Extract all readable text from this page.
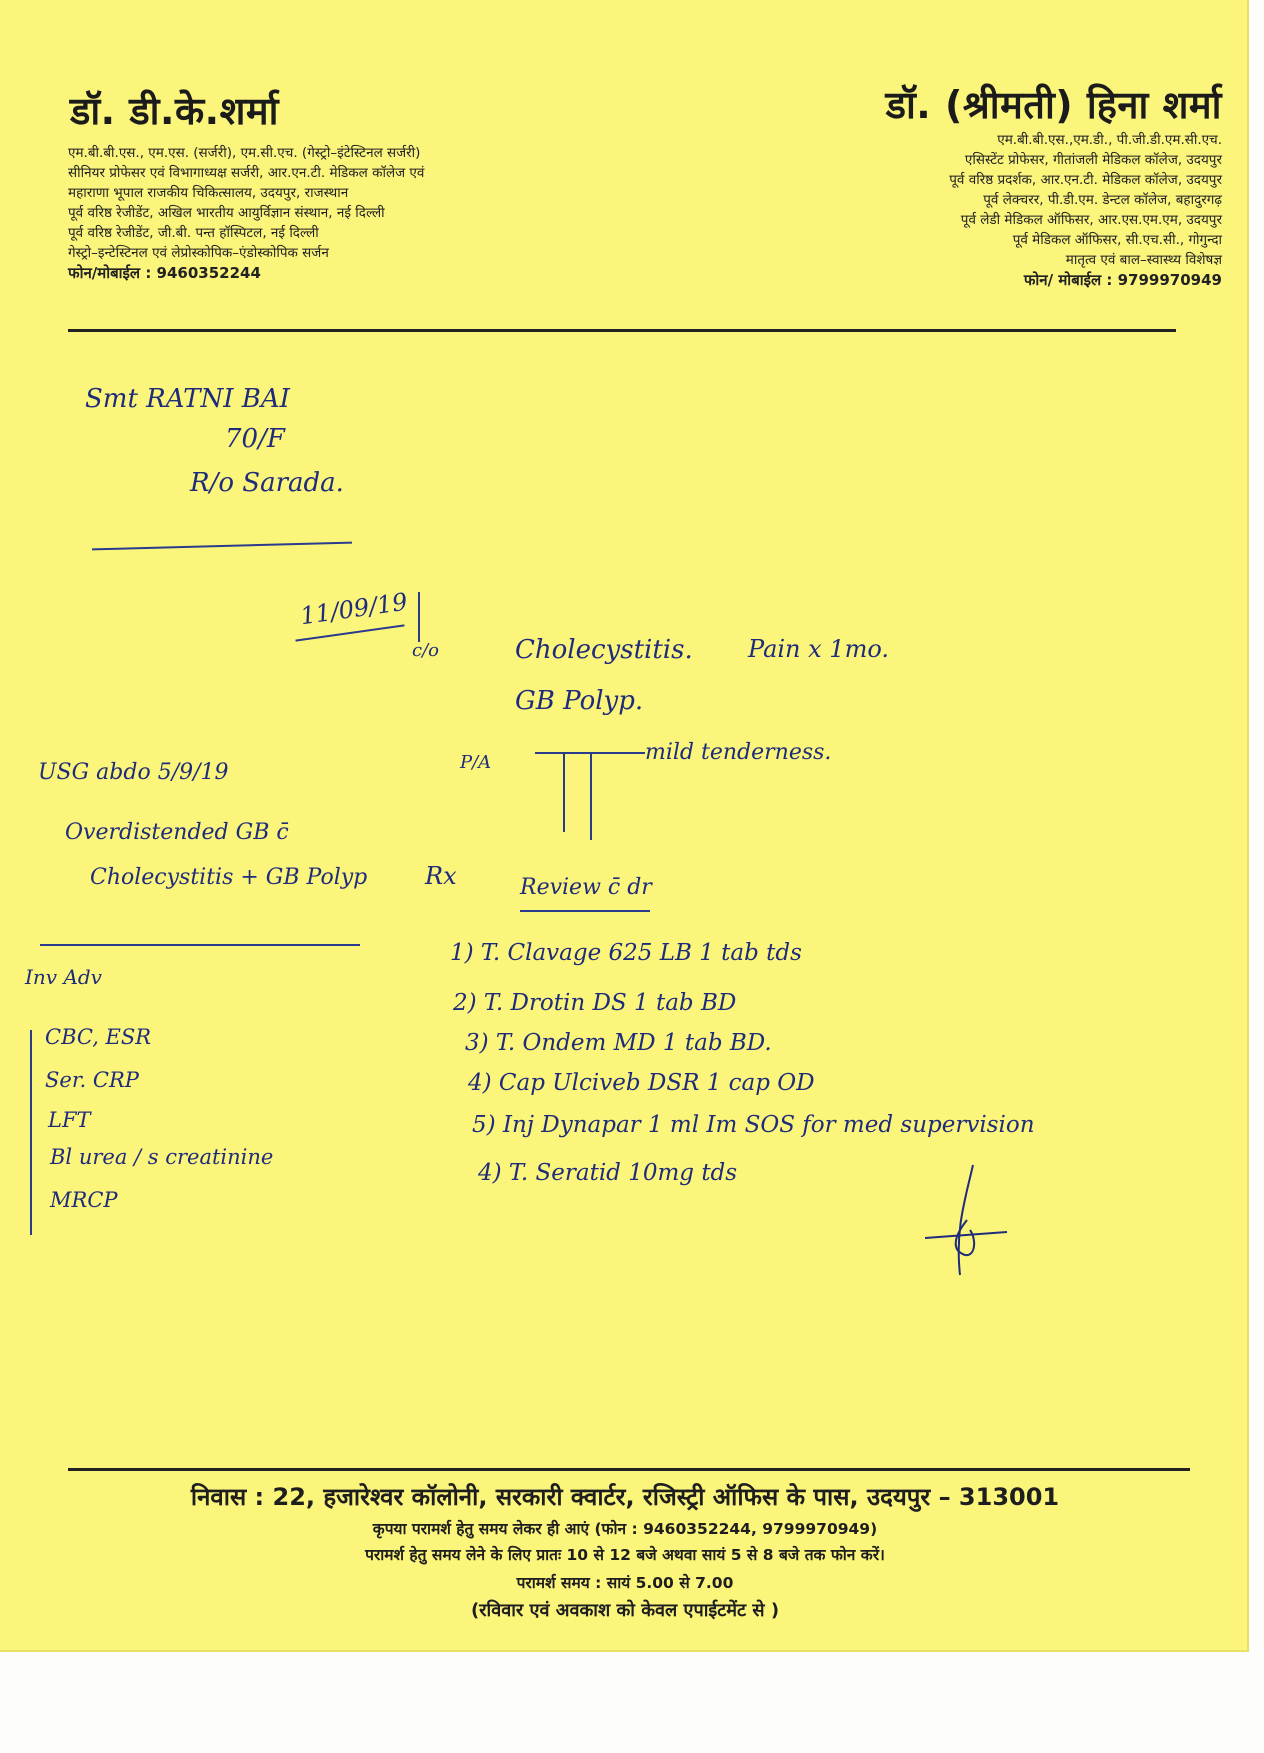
डॉ. डी.के.शर्मा
एम.बी.बी.एस., एम.एस. (सर्जरी), एम.सी.एच. (गेस्ट्रो–इंटेस्टिनल सर्जरी)
सीनियर प्रोफेसर एवं विभागाध्यक्ष सर्जरी, आर.एन.टी. मेडिकल कॉलेज एवं
महाराणा भूपाल राजकीय चिकित्सालय, उदयपुर, राजस्थान
पूर्व वरिष्ठ रेजीडेंट, अखिल भारतीय आयुर्विज्ञान संस्थान, नई दिल्ली
पूर्व वरिष्ठ रेजीडेंट, जी.बी. पन्त हॉस्पिटल, नई दिल्ली
गेस्ट्रो–इन्टेस्टिनल एवं लेप्रोस्कोपिक–एंडोस्कोपिक सर्जन
फोन/मोबाईल : 9460352244
डॉ. (श्रीमती) हिना शर्मा
एम.बी.बी.एस.,एम.डी., पी.जी.डी.एम.सी.एच.
एसिस्टेंट प्रोफेसर, गीतांजली मेडिकल कॉलेज, उदयपुर
पूर्व वरिष्ठ प्रदर्शक, आर.एन.टी. मेडिकल कॉलेज, उदयपुर
पूर्व लेक्चरर, पी.डी.एम. डेन्टल कॉलेज, बहादुरगढ़
पूर्व लेडी मेडिकल ऑफिसर, आर.एस.एम.एम, उदयपुर
पूर्व मेडिकल ऑफिसर, सी.एच.सी., गोगुन्दा
मातृत्व एवं बाल–स्वास्थ्य विशेषज्ञ
फोन/ मोबाईल : 9799970949
Smt RATNI BAI
70/F
R/o Sarada.
11/09/19
c/o	Cholecystitis. Pain x 1mo.
GB Polyp.
P/A	mild tenderness.
USG abdo 5/9/19
Overdistended GB c̄
Cholecystitis + GB Polyp Rx	Review c̄ dr
1) T. Clavage 625 LB 1 tab tds
2) T. Drotin DS 1 tab BD
3) T. Ondem MD 1 tab BD.
4) Cap Ulciveb DSR 1 cap OD
5) Inj Dynapar 1 ml Im SOS for med supervision
4) T. Seratid 10mg tds
Inv Adv
CBC, ESR
Ser. CRP
LFT
Bl urea / s creatinine
MRCP
निवास : 22, हजारेश्वर कॉलोनी, सरकारी क्वार्टर, रजिस्ट्री ऑफिस के पास, उदयपुर – 313001
कृपया परामर्श हेतु समय लेकर ही आएं (फोन : 9460352244, 9799970949)
परामर्श हेतु समय लेने के लिए प्रातः 10 से 12 बजे अथवा सायं 5 से 8 बजे तक फोन करें।
परामर्श समय : सायं 5.00 से 7.00
(रविवार एवं अवकाश को केवल एपाईटमेंट से )
